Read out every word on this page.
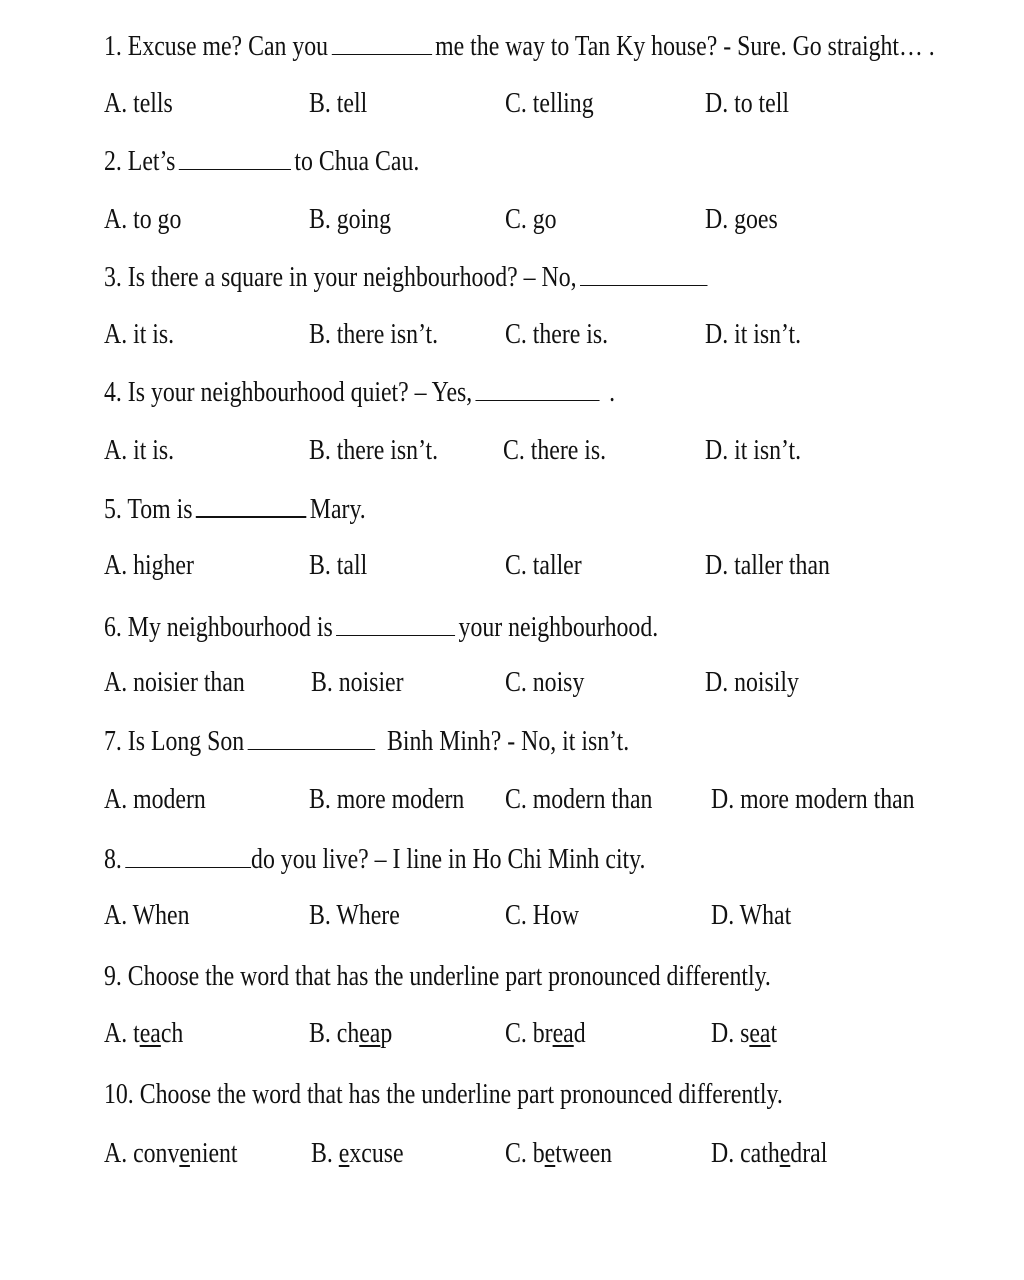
1. Excuse me? Can you	me the way to Tan Ky house? - Sure. Go straight… .
A. tells	B. tell	C. telling	D. to tell
2. Let’s	to Chua Cau.
A. to go	B. going	C. go	D. goes
3. Is there a square in your neighbourhood? – No,
A. it is.	B. there isn’t. C. there is.	D. it isn’t.
4. Is your neighbourhood quiet? – Yes,	.
A. it is.	B. there isn’t. C. there is.	D. it isn’t.
5. Tom is	Mary.
A. higher	B. tall	C. taller	D. taller than
6. My neighbourhood is	your neighbourhood.
A. noisier than B. noisier	C. noisy	D. noisily
7. Is Long Son	Binh Minh? - No, it isn’t.
A. modern	B. more modern C. modern than D. more modern than
8.	do you live? – I line in Ho Chi Minh city.
A. When	B. Where	C. How	D. What
9. Choose the word that has the underline part pronounced differently.
A. teach	B. cheap	C. bread	D. seat
10. Choose the word that has the underline part pronounced differently.
A. convenient	B. excuse	C. between	D. cathedral
